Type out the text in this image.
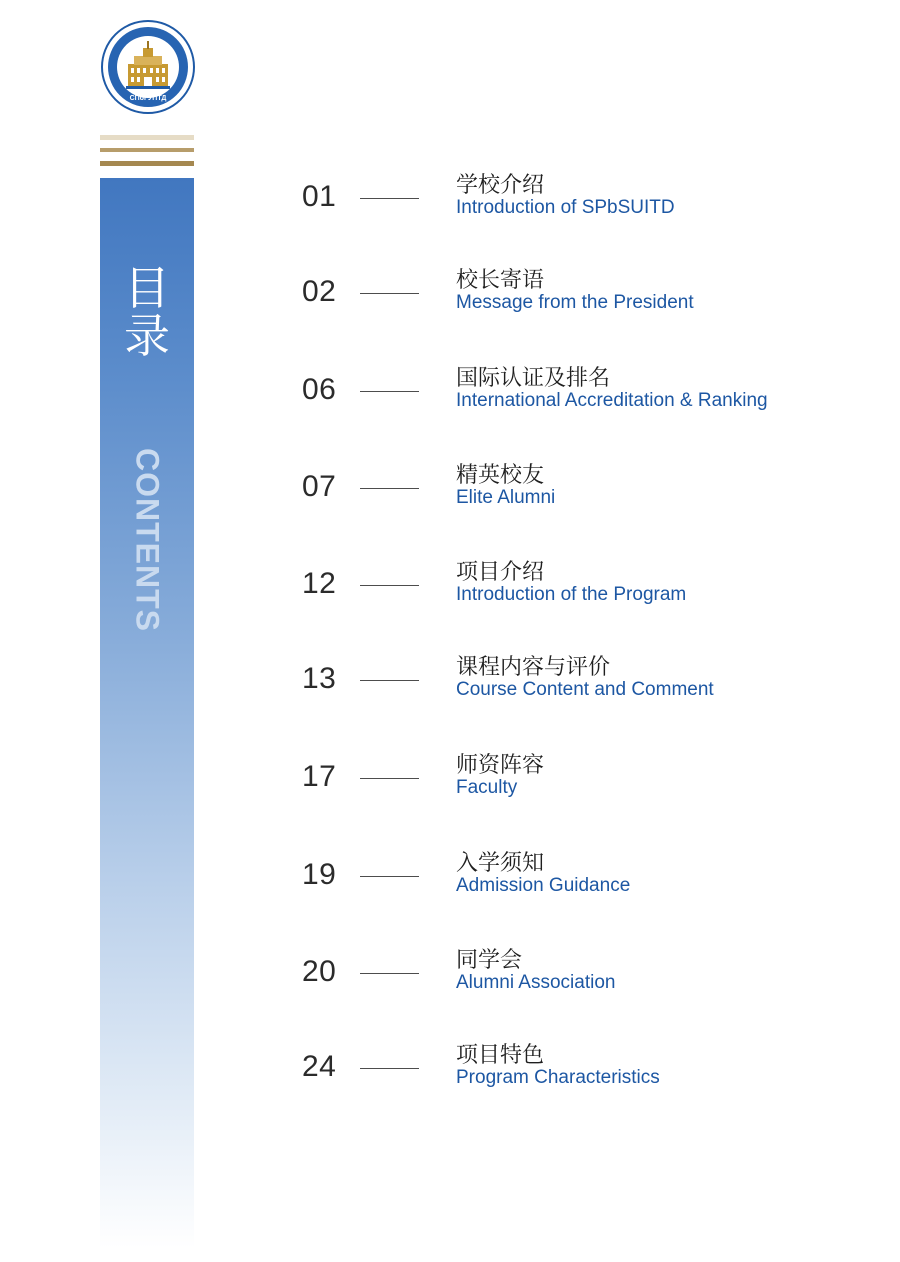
СПбГУПТД
目
录
CONTENTS
01	学校介绍
Introduction of SPbSUITD
02	校长寄语
Message from the President
06	国际认证及排名
International Accreditation & Ranking
07	精英校友
Elite Alumni
12	项目介绍
Introduction of the Program
13	课程内容与评价
Course Content and Comment
17	师资阵容
Faculty
19	入学须知
Admission Guidance
20	同学会
Alumni Association
24	项目特色
Program Characteristics
